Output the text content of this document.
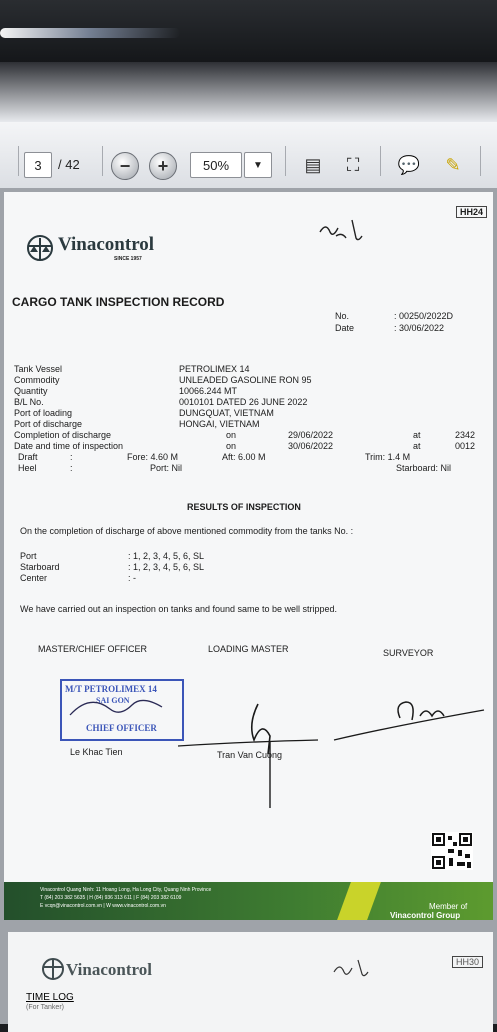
3	/ 42 − +	50%	▼ ▤ ⛶ 💬 ✎
HH24
Vinacontrol
SINCE 1957
CARGO TANK INSPECTION RECORD
No.	: 00250/2022D
Date	: 30/06/2022
Tank Vessel	PETROLIMEX 14
Commodity	UNLEADED GASOLINE RON 95
Quantity	10066.244 MT
B/L No.	0010101 DATED 26 JUNE 2022
Port of loading	DUNGQUAT, VIETNAM
Port of discharge	HONGAI, VIETNAM
Completion of discharge	on	29/06/2022	at	2342
Date and time of inspection	on	30/06/2022	at	0012
Draft	:	Fore: 4.60 M	Aft: 6.00 M	Trim: 1.4 M
Heel	:	Port: Nil	Starboard: Nil
RESULTS OF INSPECTION
On the completion of discharge of above mentioned commodity from the tanks No. :
Port	: 1, 2, 3, 4, 5, 6, SL
Starboard	: 1, 2, 3, 4, 5, 6, SL
Center	: -
We have carried out an inspection on tanks and found same to be well stripped.
MASTER/CHIEF OFFICER	LOADING MASTER	SURVEYOR
M/T PETROLIMEX 14
SAI GON
CHIEF OFFICER
Le Khac Tien	Tran Van Cuong
Vinacontrol Quang Ninh: 11 Hoang Long, Ha Long City, Quang Ninh Province
T (84) 203 382 5635 | H (84) 936 313 611 | F (84) 203 382 6109
E vcqn@vinacontrol.com.vn | W www.vinacontrol.com.vn	Member of
Vinacontrol Group
HH30
Vinacontrol
TIME LOG
(For Tanker)
